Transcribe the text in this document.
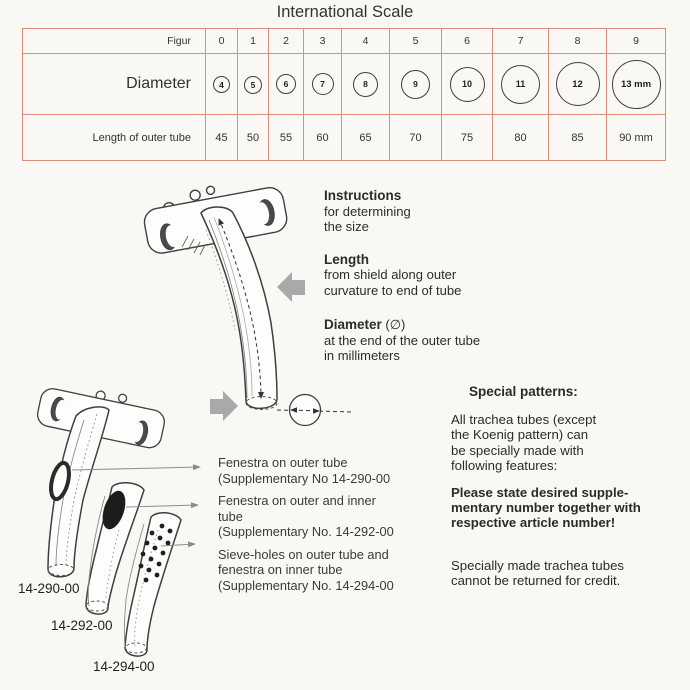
International Scale
Figur	0	1	2	3	4	5	6	7	8	9
Diameter	4	5	6	7	8	9	10	11	12	13 mm

Length of outer tube	45	50	55	60	65	70	75	80	85	90 mm
Instructions
for determining
the size
Length
from shield along outer
curvature to end of tube
Diameter (∅)
at the end of the outer tube
in millimeters
Fenestra on outer tube
(Supplementary No 14-290-00
Fenestra on outer and inner
tube
(Supplementary No. 14-292-00
Sieve-holes on outer tube and
fenestra on inner tube
(Supplementary No. 14-294-00
Special patterns:
All trachea tubes (except
the Koenig pattern) can
be specially made with
following features:
Please state desired supple-
mentary number together with
respective article number!
Specially made trachea tubes
cannot be returned for credit.
14-290-00
14-292-00
14-294-00
